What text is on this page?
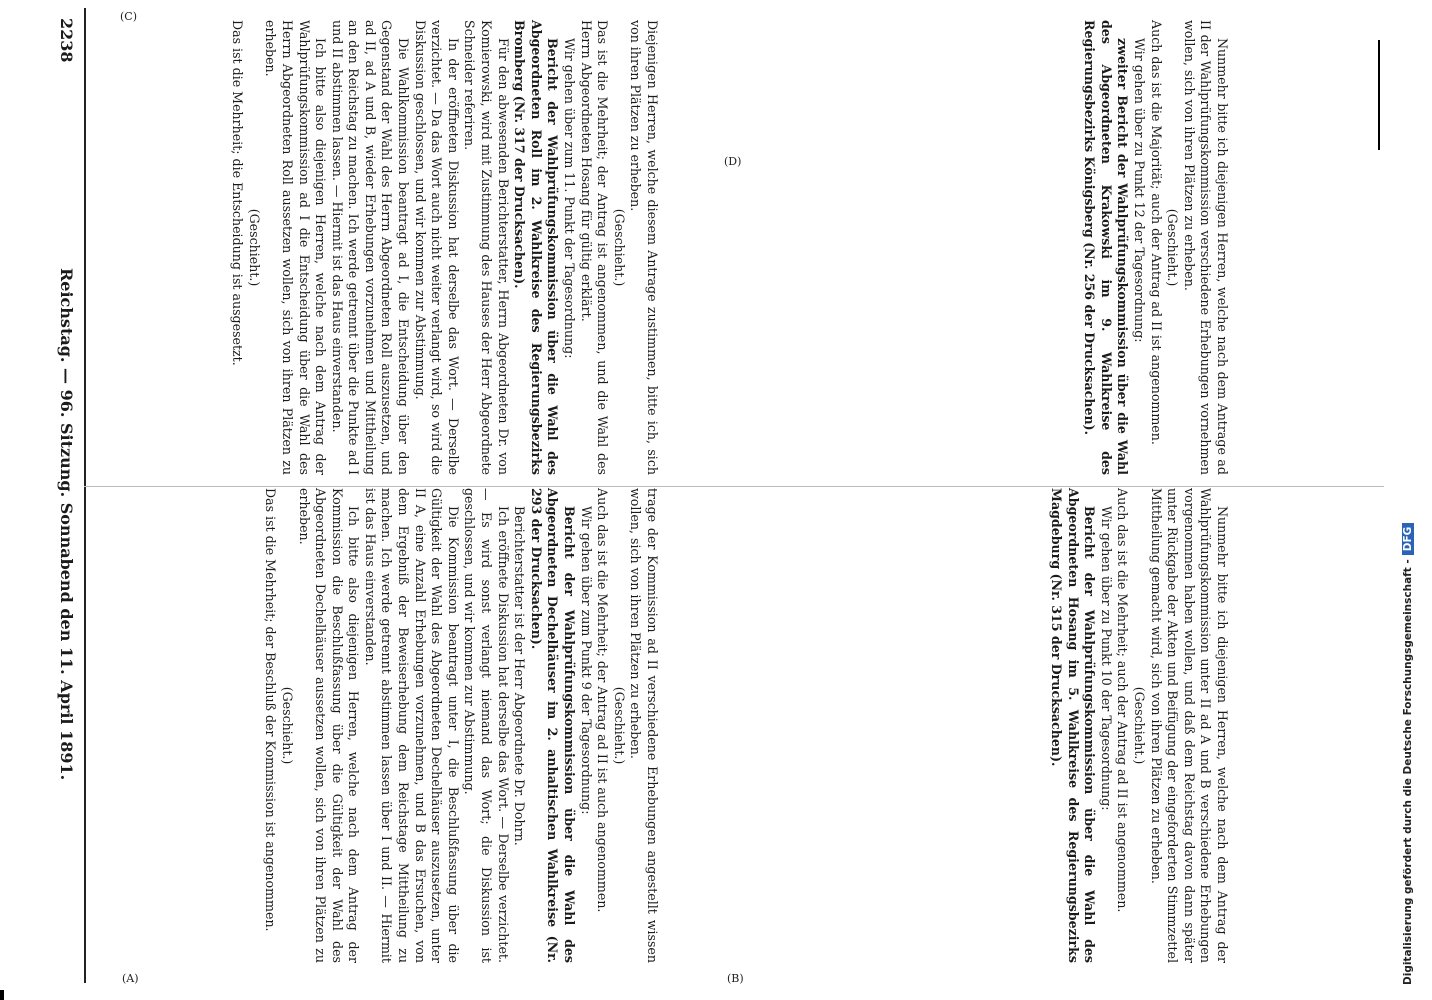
2238
Reichstag. — 96. Sitzung. Sonnabend den 11. April 1891.
(A)	(B)
(C)
(D)

trage der Kommission ad II verschiedene Erhebungen angestellt wissen wollen, sich von ihren Plätzen zu erheben.

(Geschieht.)

Auch das ist die Mehrheit; der Antrag ad II ist auch angenommen.

Wir gehen über zum Punkt 9 der Tagesordnung:

Bericht der Wahlprüfungskommission über die Wahl des Abgeordneten Dechelhäuser im 2. anhaltischen Wahlkreise (Nr. 293 der Drucksachen).

Berichterstatter ist der Herr Abgeordnete Dr. Dohrn.

Ich eröffnete Diskussion hat derselbe das Wort. — Derselbe verzichtet. — Es wird sonst verlangt niemand das Wort; die Diskussion ist geschlossen, und wir kommen zur Abstimmung.

Die Kommission beantragt unter I, die Beschlußfassung über die Gültigkeit der Wahl des Abgeordneten Dechelhäuser auszusetzen, unter II A, eine Anzahl Erhebungen vorzunehmen, und B das Ersuchen, von dem Ergebniß der Beweiserhebung dem Reichstage Mittheilung zu machen. Ich werde getrennt abstimmen lassen über I und II. — Hiermit ist das Haus einverstanden.

Ich bitte also diejenigen Herren, welche nach dem Antrag der Kommission die Beschlußfassung über die Gültigkeit der Wahl des Abgeordneten Dechelhäuser aussetzen wollen, sich von ihren Plätzen zu erheben.

(Geschieht.)

Das ist die Mehrheit; der Beschluß der Kommission ist angenommen.	Nunmehr bitte ich diejenigen Herren, welche nach dem Antrag der Wahlprüfungskommission unter II ad A und B verschiedene Erhebungen vorgenommen haben wollen, und daß dem Reichstag davon dann später unter Rückgabe der Akten und Beifügung der eingeforderten Stimmzettel Mittheilung gemacht wird, sich von ihren Plätzen zu erheben.

(Geschieht.)

Auch das ist die Mehrheit; auch der Antrag ad II ist angenommen.

Wir gehen über zu Punkt 10 der Tagesordnung:

Bericht der Wahlprüfungskommission über die Wahl des Abgeordneten Hosang im 5. Wahlkreise des Regierungsbezirks Magdeburg (Nr. 315 der Drucksachen).

Diejenigen Herren, welche diesem Antrage zustimmen, bitte ich, sich von ihren Plätzen zu erheben.

(Geschieht.)

Das ist die Mehrheit; der Antrag ist angenommen, und die Wahl des Herrn Abgeordneten Hosang für gültig erklärt.

Wir gehen über zum 11. Punkt der Tagesordnung:

Bericht der Wahlprüfungskommission über die Wahl des Abgeordneten Roll im 2. Wahlkreise des Regierungsbezirks Bromberg (Nr. 317 der Drucksachen).

Für den abwesenden Berichterstatter, Herrn Abgeordneten Dr. von Komierowski, wird mit Zustimmung des Hauses der Herr Abgeordnete Schneider referiren.

In der eröffneten Diskussion hat derselbe das Wort. — Derselbe verzichtet. — Da das Wort auch nicht weiter verlangt wird, so wird die Diskussion geschlossen, und wir kommen zur Abstimmung.

Die Wahlkommission beantragt ad I, die Entscheidung über den Gegenstand der Wahl des Herrn Abgeordneten Roll auszusetzen, und ad II, ad A und B, wieder Erhebungen vorzunehmen und Mittheilung an den Reichstag zu machen. Ich werde getrennt über die Punkte ad I und II abstimmen lassen. — Hiermit ist das Haus einverstanden.

Ich bitte also diejenigen Herren, welche nach dem Antrag der Wahlprüfungskommission ad I die Entscheidung über die Wahl des Herrn Abgeordneten Roll aussetzen wollen, sich von ihren Plätzen zu erheben.

(Geschieht.)

Das ist die Mehrheit; die Entscheidung ist ausgesetzt.	Nunmehr bitte ich diejenigen Herren, welche nach dem Antrage ad II der Wahlprüfungskommission verschiedene Erhebungen vornehmen wollen, sich von ihren Plätzen zu erheben.

(Geschieht.)

Auch das ist die Majorität; auch der Antrag ad II ist angenommen.

Wir gehen über zu Punkt 12 der Tagesordnung:

zweiter Bericht der Wahlprüfungskommission über die Wahl des Abgeordneten Krakowski im 9. Wahlkreise des Regierungsbezirks Königsberg (Nr. 256 der Drucksachen).

Digitalisierung gefördert durch die Deutsche Forschungsgemeinschaft -DFG
